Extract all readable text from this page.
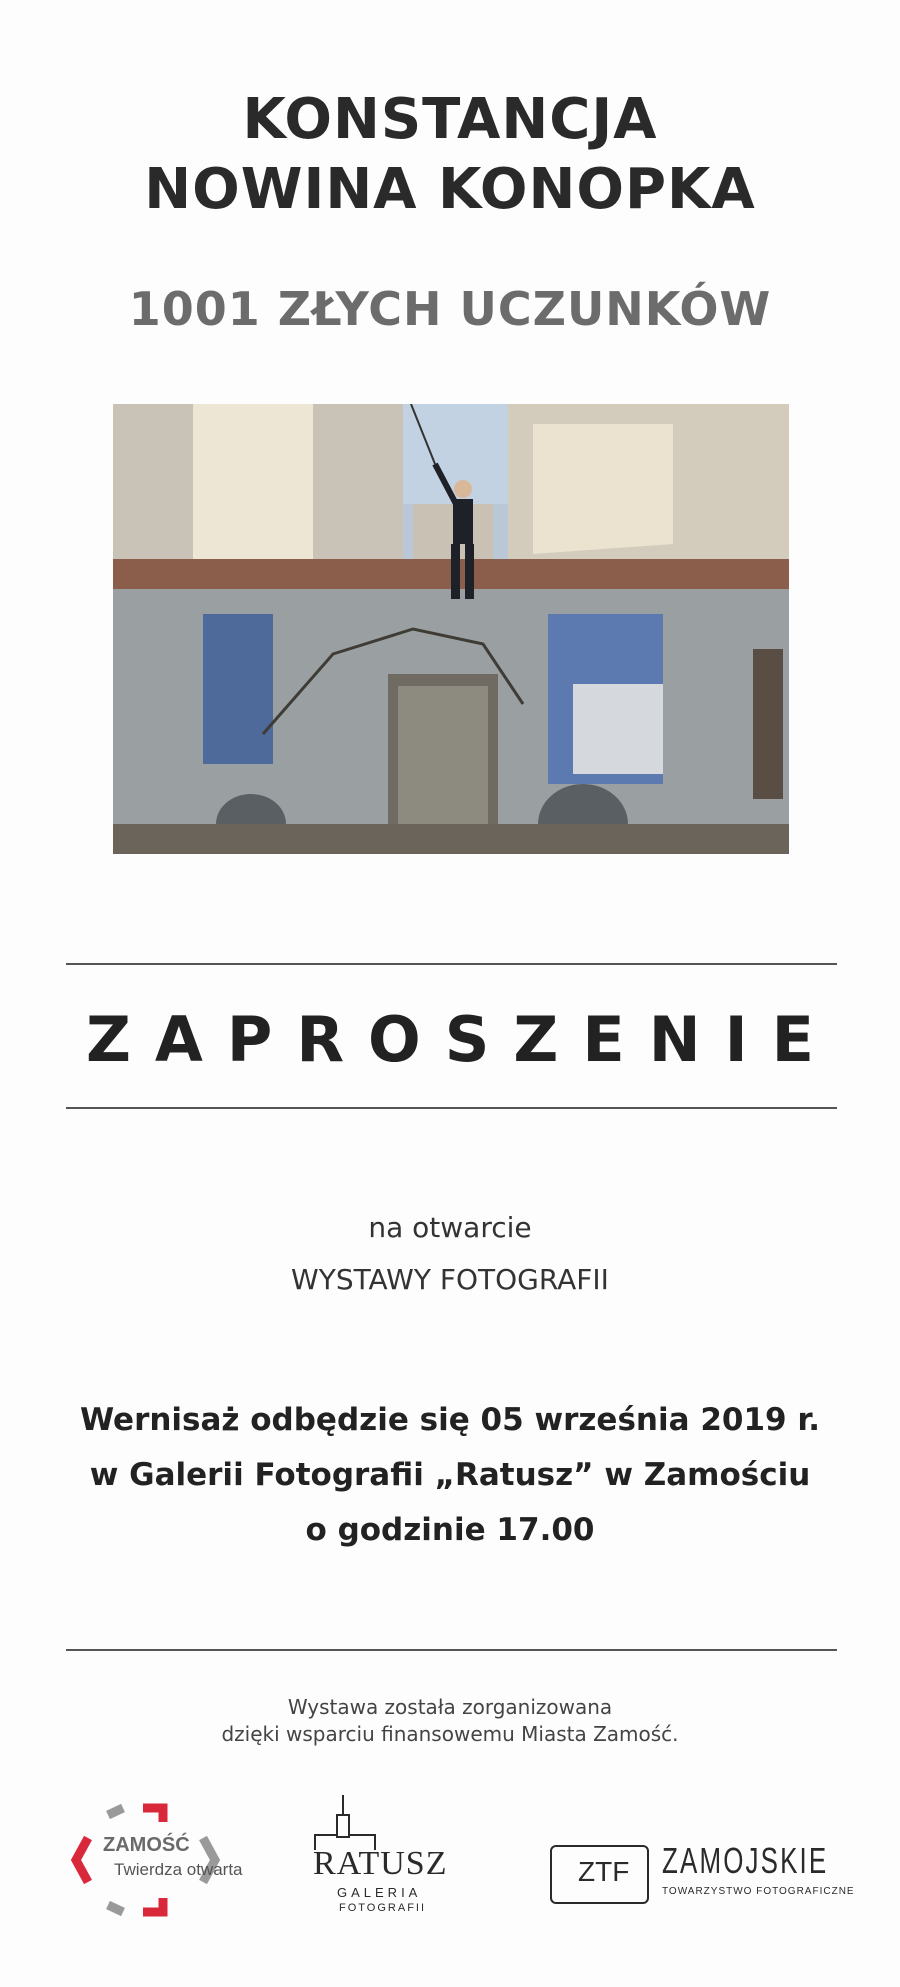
KONSTANCJA
NOWINA KONOPKA
1001 ZŁYCH UCZUNKÓW
ZAPROSZENIE
na otwarcie
WYSTAWY FOTOGRAFII
Wernisaż odbędzie się 05 września 2019 r.
w Galerii Fotografii „Ratusz” w Zamościu
o godzinie 17.00
Wystawa została zorganizowana
dzięki wsparciu finansowemu Miasta Zamość.
ZAMOŚĆ
Twierdza otwarta RATUSZ
GALERIA
FOTOGRAFII
ZTF ZAMOJSKIE
TOWARZYSTWO FOTOGRAFICZNE
